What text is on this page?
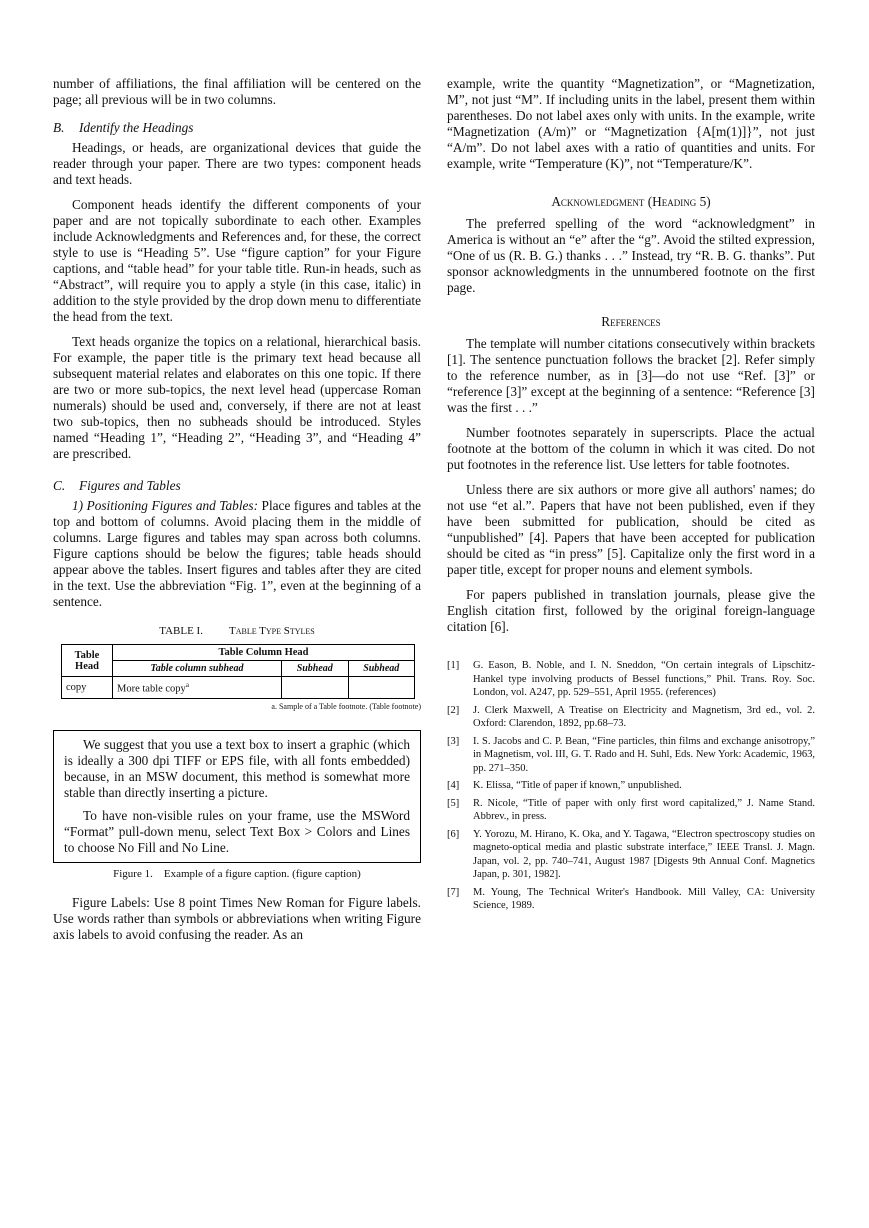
number of affiliations, the final affiliation will be centered on the page; all previous will be in two columns.

B. Identify the Headings

Headings, or heads, are organizational devices that guide the reader through your paper. There are two types: component heads and text heads.

Component heads identify the different components of your paper and are not topically subordinate to each other. Examples include Acknowledgments and References and, for these, the correct style to use is “Heading 5”. Use “figure caption” for your Figure captions, and “table head” for your table title. Run-in heads, such as “Abstract”, will require you to apply a style (in this case, italic) in addition to the style provided by the drop down menu to differentiate the head from the text.

Text heads organize the topics on a relational, hierarchical basis. For example, the paper title is the primary text head because all subsequent material relates and elaborates on this one topic. If there are two or more sub-topics, the next level head (uppercase Roman numerals) should be used and, conversely, if there are not at least two sub-topics, then no subheads should be introduced. Styles named “Heading 1”, “Heading 2”, “Heading 3”, and “Heading 4” are prescribed.

C. Figures and Tables

1) Positioning Figures and Tables: Place figures and tables at the top and bottom of columns. Avoid placing them in the middle of columns. Large figures and tables may span across both columns. Figure captions should be below the figures; table heads should appear above the tables. Insert figures and tables after they are cited in the text. Use the abbreviation “Fig. 1”, even at the beginning of a sentence.

TABLE I. Table Type Styles
Table Head	Table Column Head		
	Table column subhead	Subhead	Subhead
copy	More table copy$^a$		
a. Sample of a Table footnote. (Table footnote)

We suggest that you use a text box to insert a graphic (which is ideally a 300 dpi TIFF or EPS file, with all fonts embedded) because, in an MSW document, this method is somewhat more stable than directly inserting a picture.

To have non-visible rules on your frame, use the MSWord “Format” pull-down menu, select Text Box > Colors and Lines to choose No Fill and No Line.

Figure 1.    Example of a figure caption. (figure caption)

Figure Labels: Use 8 point Times New Roman for Figure labels. Use words rather than symbols or abbreviations when writing Figure axis labels to avoid confusing the reader. As an

example, write the quantity “Magnetization”, or “Magnetization, M”, not just “M”. If including units in the label, present them within parentheses. Do not label axes only with units. In the example, write “Magnetization (A/m)” or “Magnetization {A[m(1)]}”, not just “A/m”. Do not label axes with a ratio of quantities and units. For example, write “Temperature (K)”, not “Temperature/K”.

Acknowledgment (Heading 5)

The preferred spelling of the word “acknowledgment” in America is without an “e” after the “g”. Avoid the stilted expression, “One of us (R. B. G.) thanks . . .” Instead, try “R. B. G. thanks”. Put sponsor acknowledgments in the unnumbered footnote on the first page.

References

The template will number citations consecutively within brackets [1]. The sentence punctuation follows the bracket [2]. Refer simply to the reference number, as in [3]—do not use “Ref. [3]” or “reference [3]” except at the beginning of a sentence: “Reference [3] was the first . . .”

Number footnotes separately in superscripts. Place the actual footnote at the bottom of the column in which it was cited. Do not put footnotes in the reference list. Use letters for table footnotes.

Unless there are six authors or more give all authors' names; do not use “et al.”. Papers that have not been published, even if they have been submitted for publication, should be cited as “unpublished” [4]. Papers that have been accepted for publication should be cited as “in press” [5]. Capitalize only the first word in a paper title, except for proper nouns and element symbols.

For papers published in translation journals, please give the English citation first, followed by the original foreign-language citation [6].

[1]	G. Eason, B. Noble, and I. N. Sneddon, “On certain integrals of Lipschitz-Hankel type involving products of Bessel functions,” Phil. Trans. Roy. Soc. London, vol. A247, pp. 529–551, April 1955. (references)
[2]	J. Clerk Maxwell, A Treatise on Electricity and Magnetism, 3rd ed., vol. 2. Oxford: Clarendon, 1892, pp.68–73.
[3]	I. S. Jacobs and C. P. Bean, “Fine particles, thin films and exchange anisotropy,” in Magnetism, vol. III, G. T. Rado and H. Suhl, Eds. New York: Academic, 1963, pp. 271–350.
[4]	K. Elissa, “Title of paper if known,” unpublished.
[5]	R. Nicole, “Title of paper with only first word capitalized,” J. Name Stand. Abbrev., in press.
[6]	Y. Yorozu, M. Hirano, K. Oka, and Y. Tagawa, “Electron spectroscopy studies on magneto-optical media and plastic substrate interface,” IEEE Transl. J. Magn. Japan, vol. 2, pp. 740–741, August 1987 [Digests 9th Annual Conf. Magnetics Japan, p. 301, 1982].
[7]	M. Young, The Technical Writer's Handbook. Mill Valley, CA: University Science, 1989.
